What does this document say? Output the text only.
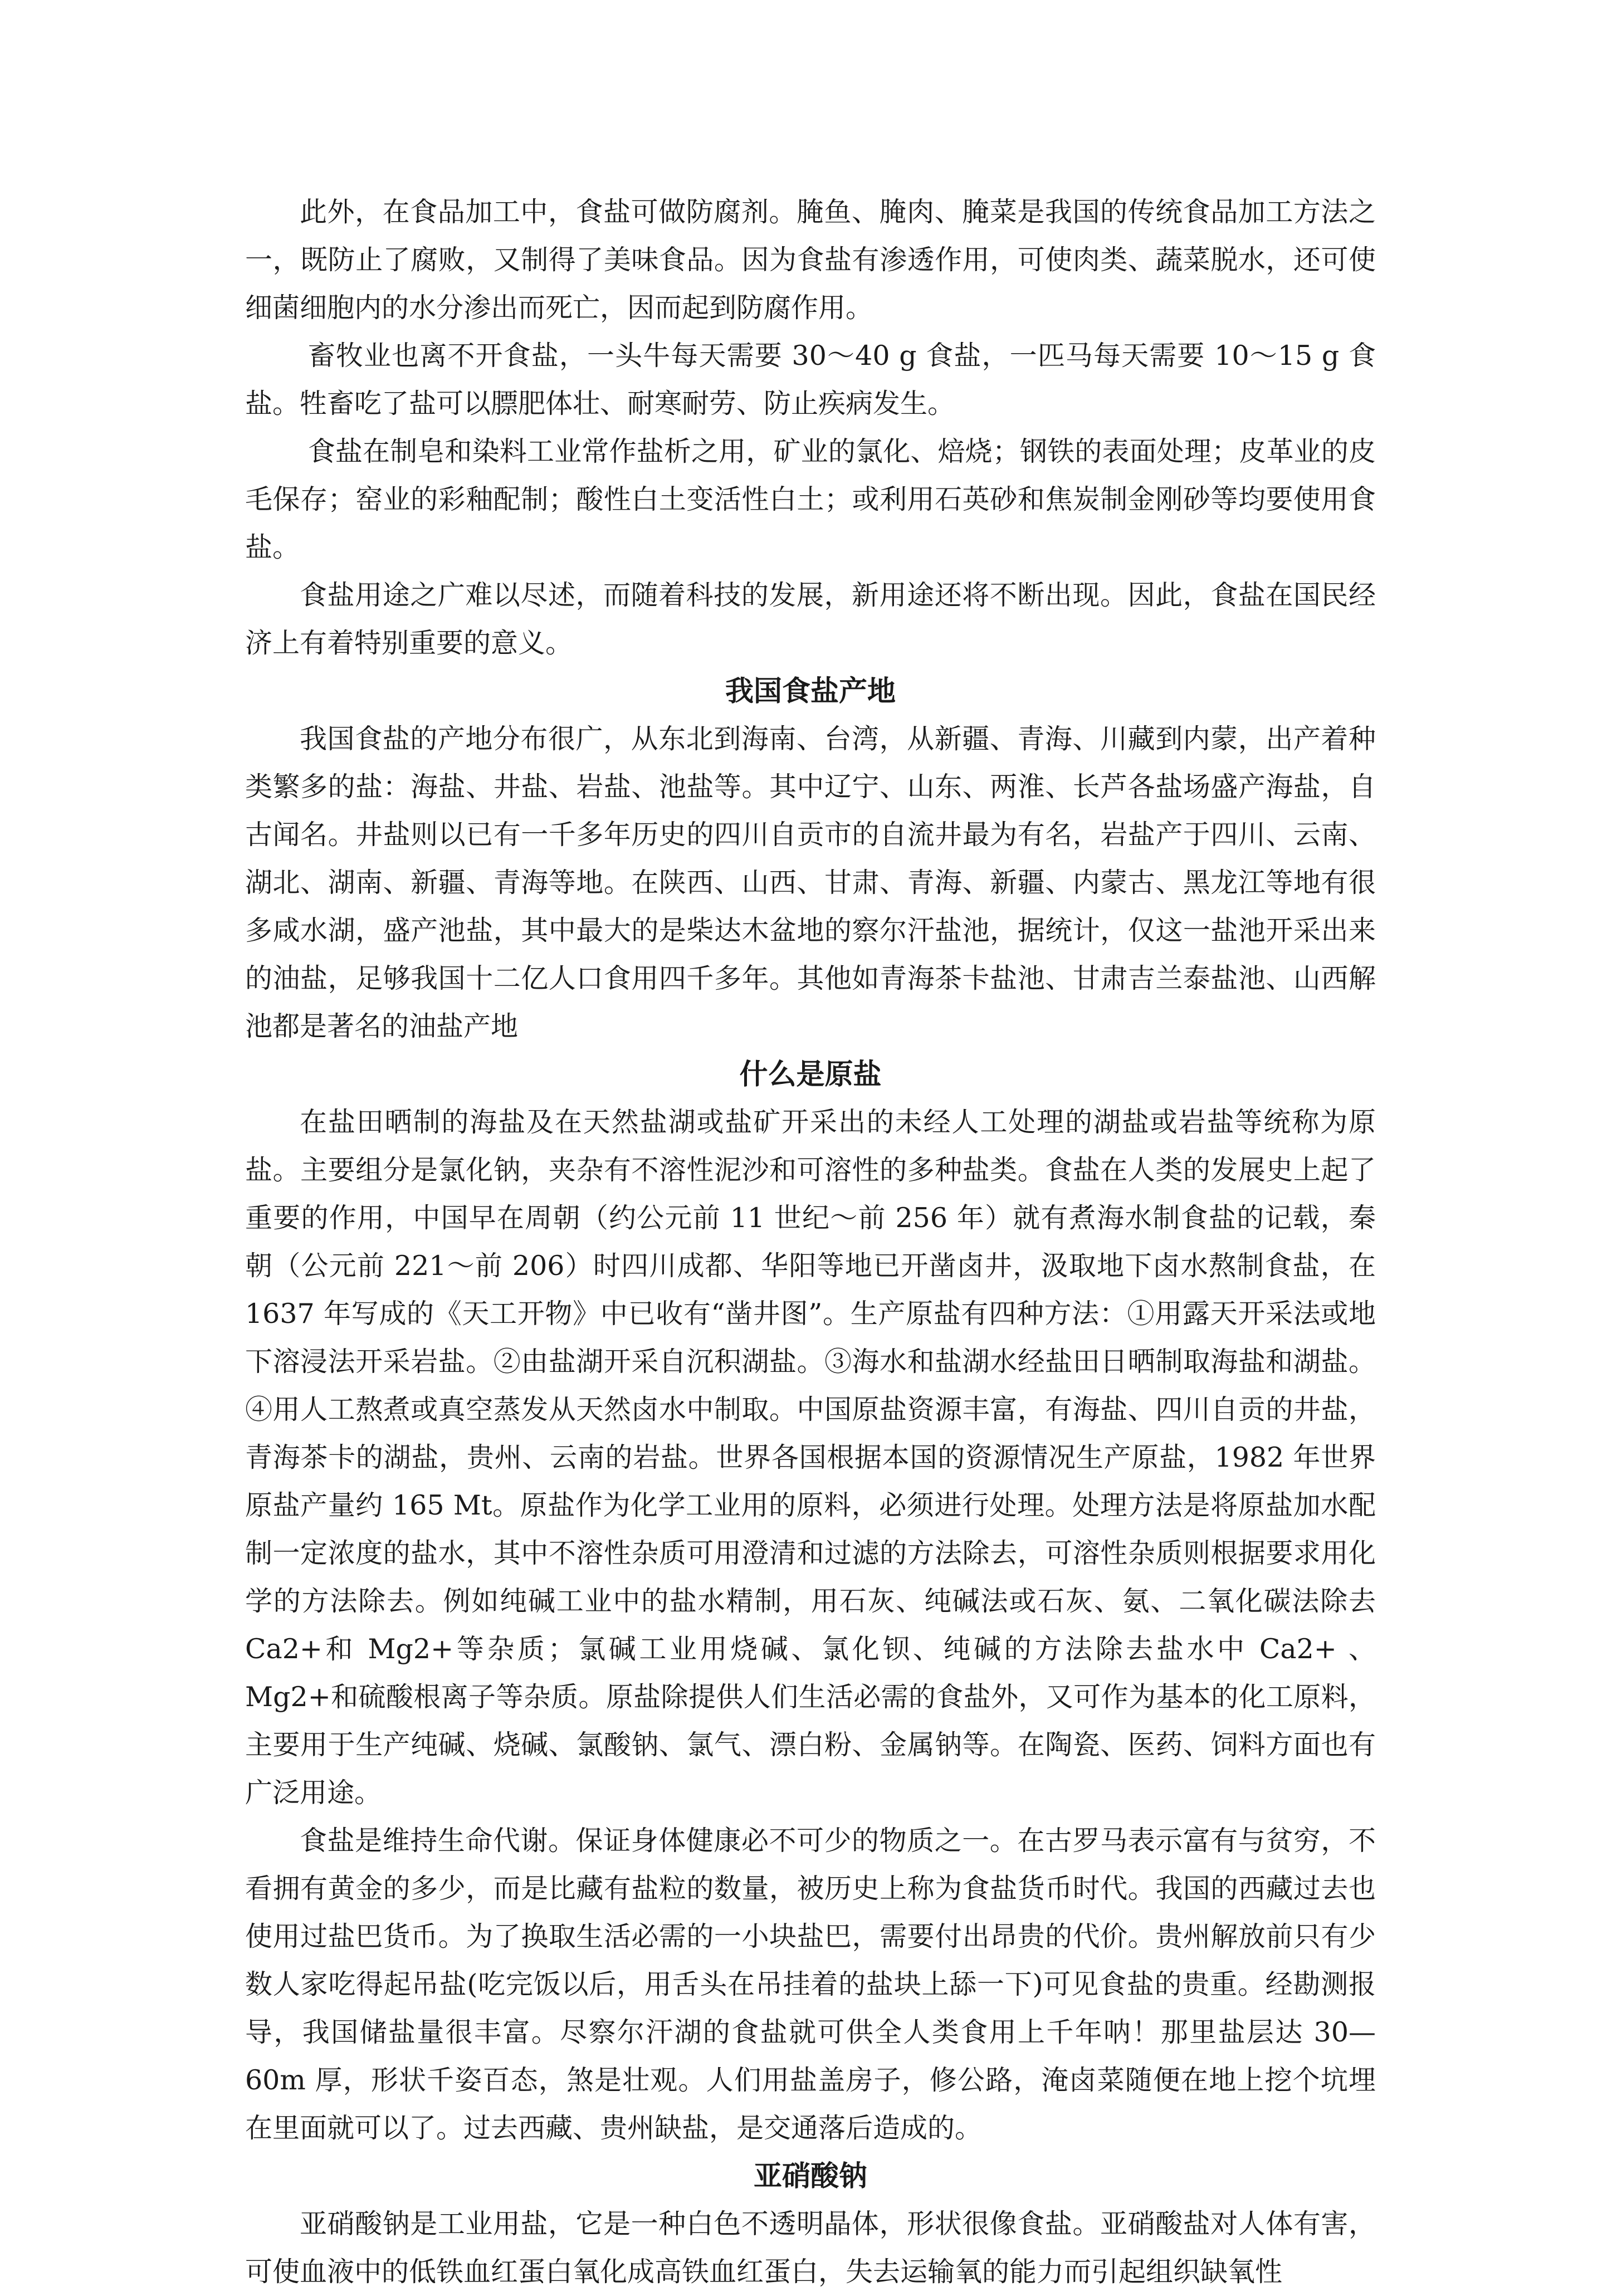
此外，在食品加工中，食盐可做防腐剂。腌鱼、腌肉、腌菜是我国的传统食品加工方法之一，既防止了腐败，又制得了美味食品。因为食盐有渗透作用，可使肉类、蔬菜脱水，还可使细菌细胞内的水分渗出而死亡，因而起到防腐作用。

畜牧业也离不开食盐，一头牛每天需要 30～40 g 食盐，一匹马每天需要 10～15 g 食盐。牲畜吃了盐可以膘肥体壮、耐寒耐劳、防止疾病发生。

食盐在制皂和染料工业常作盐析之用，矿业的氯化、焙烧；钢铁的表面处理；皮革业的皮毛保存；窑业的彩釉配制；酸性白土变活性白土；或利用石英砂和焦炭制金刚砂等均要使用食盐。

食盐用途之广难以尽述，而随着科技的发展，新用途还将不断出现。因此，食盐在国民经济上有着特别重要的意义。

我国食盐产地

我国食盐的产地分布很广，从东北到海南、台湾，从新疆、青海、川藏到内蒙，出产着种类繁多的盐：海盐、井盐、岩盐、池盐等。其中辽宁、山东、两淮、长芦各盐场盛产海盐，自古闻名。井盐则以已有一千多年历史的四川自贡市的自流井最为有名，岩盐产于四川、云南、湖北、湖南、新疆、青海等地。在陕西、山西、甘肃、青海、新疆、内蒙古、黑龙江等地有很多咸水湖，盛产池盐，其中最大的是柴达木盆地的察尔汗盐池，据统计，仅这一盐池开采出来的油盐，足够我国十二亿人口食用四千多年。其他如青海茶卡盐池、甘肃吉兰泰盐池、山西解池都是著名的油盐产地

什么是原盐

在盐田晒制的海盐及在天然盐湖或盐矿开采出的未经人工处理的湖盐或岩盐等统称为原盐。主要组分是氯化钠，夹杂有不溶性泥沙和可溶性的多种盐类。食盐在人类的发展史上起了重要的作用，中国早在周朝（约公元前 11 世纪～前 256 年）就有煮海水制食盐的记载，秦朝（公元前 221～前 206）时四川成都、华阳等地已开凿卤井，汲取地下卤水熬制食盐，在 1637 年写成的《天工开物》中已收有“凿井图”。生产原盐有四种方法：①用露天开采法或地下溶浸法开采岩盐。②由盐湖开采自沉积湖盐。③海水和盐湖水经盐田日晒制取海盐和湖盐。④用人工熬煮或真空蒸发从天然卤水中制取。中国原盐资源丰富，有海盐、四川自贡的井盐，青海茶卡的湖盐，贵州、云南的岩盐。世界各国根据本国的资源情况生产原盐，1982 年世界原盐产量约 165 Mt。原盐作为化学工业用的原料，必须进行处理。处理方法是将原盐加水配制一定浓度的盐水，其中不溶性杂质可用澄清和过滤的方法除去，可溶性杂质则根据要求用化学的方法除去。例如纯碱工业中的盐水精制，用石灰、纯碱法或石灰、氨、二氧化碳法除去 Ca2+和 Mg2+等杂质；氯碱工业用烧碱、氯化钡、纯碱的方法除去盐水中 Ca2+ 、Mg2+和硫酸根离子等杂质。原盐除提供人们生活必需的食盐外，又可作为基本的化工原料，主要用于生产纯碱、烧碱、氯酸钠、氯气、漂白粉、金属钠等。在陶瓷、医药、饲料方面也有广泛用途。

食盐是维持生命代谢。保证身体健康必不可少的物质之一。在古罗马表示富有与贫穷，不看拥有黄金的多少，而是比藏有盐粒的数量，被历史上称为食盐货币时代。我国的西藏过去也使用过盐巴货币。为了换取生活必需的一小块盐巴，需要付出昂贵的代价。贵州解放前只有少数人家吃得起吊盐(吃完饭以后，用舌头在吊挂着的盐块上舔一下)可见食盐的贵重。经勘测报导，我国储盐量很丰富。尽察尔汗湖的食盐就可供全人类食用上千年呐！那里盐层达 30—60m 厚，形状千姿百态，煞是壮观。人们用盐盖房子，修公路，淹卤菜随便在地上挖个坑埋在里面就可以了。过去西藏、贵州缺盐，是交通落后造成的。

亚硝酸钠

亚硝酸钠是工业用盐，它是一种白色不透明晶体，形状很像食盐。亚硝酸盐对人体有害，可使血液中的低铁血红蛋白氧化成高铁血红蛋白，失去运输氧的能力而引起组织缺氧性
